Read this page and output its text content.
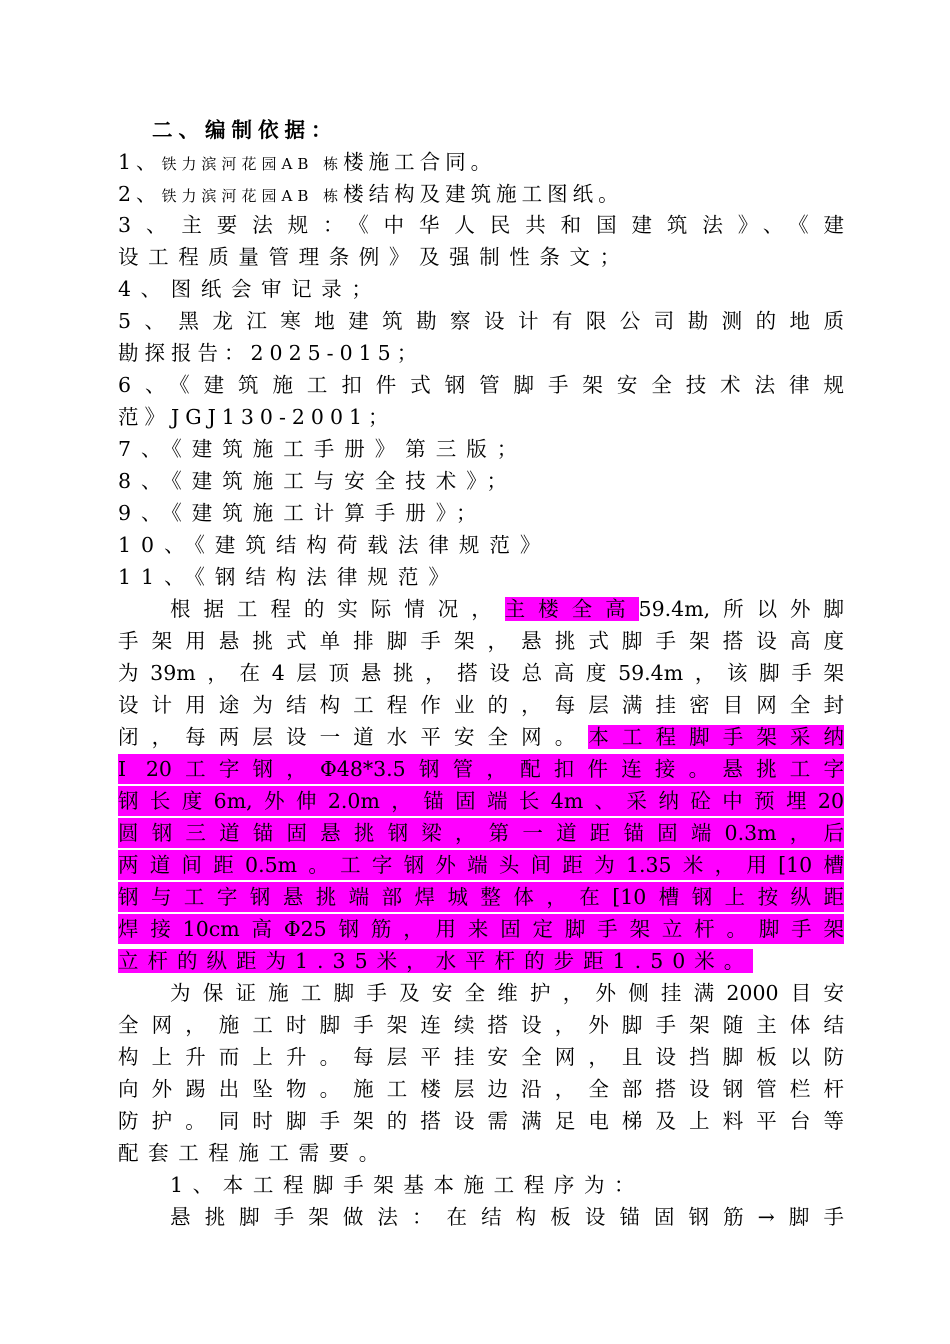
二、编制依据：
1、铁力滨河花园AB 栋楼施工合同。
2、铁力滨河花园AB 栋楼结构及建筑施工图纸。
3、主要法规：《中华人民共和国建筑法》、《建
设工程质量管理条例》及强制性条文；
4、图纸会审记录；
5、黑龙江寒地建筑勘察设计有限公司勘测的地质
勘探报告：2025-015；
6、《建筑施工扣件式钢管脚手架安全技术法律规
范》JGJ130-2001；
7、《建筑施工手册》第三版；
8、《建筑施工与安全技术》；
9、《建筑施工计算手册》；
10、《建筑结构荷载法律规范》
11、《钢结构法律规范》
根据工程的实际情况，主楼全高59.4m,所以外脚
手架用悬挑式单排脚手架，悬挑式脚手架搭设高度
为39m，在4层顶悬挑，搭设总高度59.4m，该脚手架
设计用途为结构工程作业的，每层满挂密目网全封
闭，每两层设一道水平安全网。本工程脚手架采纳
I 20工字钢，Φ48*3.5钢管，配扣件连接。悬挑工字
钢长度6m,外伸2.0m，锚固端长4m、采纳砼中预埋20
圆钢三道锚固悬挑钢梁，第一道距锚固端0.3m，后
两道间距0.5m。工字钢外端头间距为1.35米，用[10槽
钢与工字钢悬挑端部焊城整体，在[10槽钢上按纵距
焊接10cm高Φ25钢筋，用来固定脚手架立杆。脚手架
立杆的纵距为1.35米，水平杆的步距1.50米。
为保证施工脚手及安全维护，外侧挂满2000目安
全网，施工时脚手架连续搭设，外脚手架随主体结
构上升而上升。每层平挂安全网，且设挡脚板以防
向外踢出坠物。施工楼层边沿，全部搭设钢管栏杆
防护。同时脚手架的搭设需满足电梯及上料平台等
配套工程施工需要。
1、本工程脚手架基本施工程序为：
悬挑脚手架做法：在结构板设锚固钢筋→脚手
